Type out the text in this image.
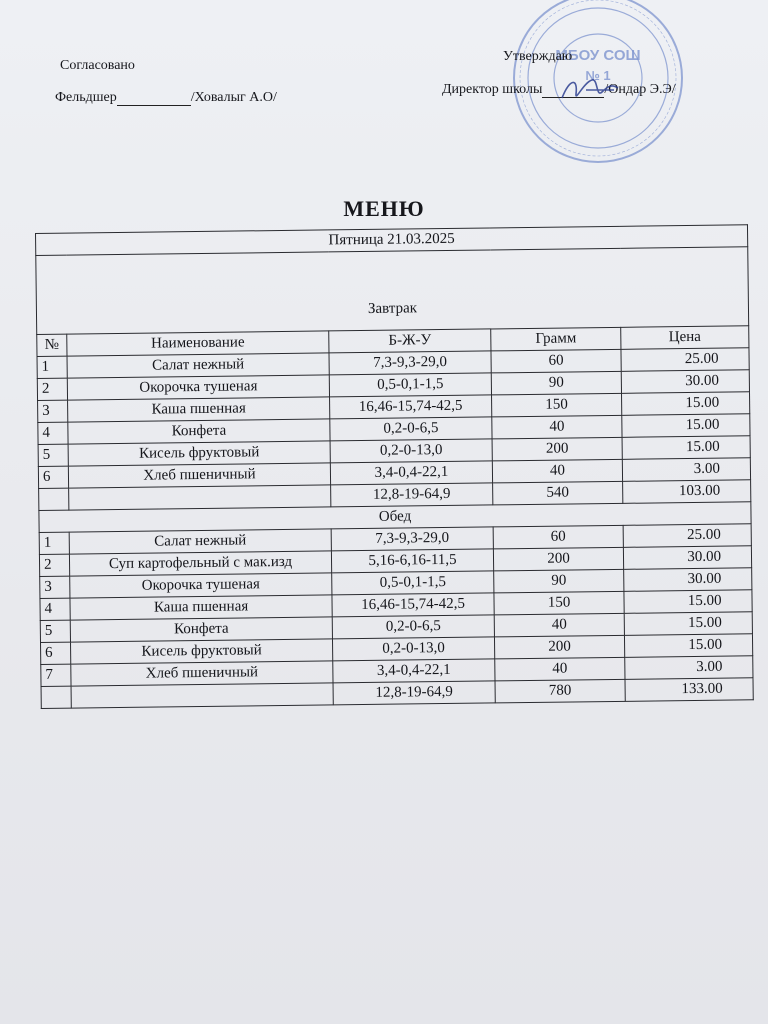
Согласовано
Фельдшер	/Ховалыг А.О/
МБОУ СОШ
№ 1
Утверждаю
Директор школы	/Ондар Э.Э/
МЕНЮ
Пятница 21.03.2025				
Завтрак				
№	Наименование	Б-Ж-У	Грамм	Цена
1	Салат нежный	7,3-9,3-29,0	60	25.00
2	Окорочка тушеная	0,5-0,1-1,5	90	30.00
3	Каша пшенная	16,46-15,74-42,5	150	15.00
4	Конфета	0,2-0-6,5	40	15.00
5	Кисель фруктовый	0,2-0-13,0	200	15.00
6	Хлеб пшеничный	3,4-0,4-22,1	40	3.00
		12,8-19-64,9	540	103.00
Обед				
1	Салат нежный	7,3-9,3-29,0	60	25.00
2	Суп картофельный с мак.изд	5,16-6,16-11,5	200	30.00
3	Окорочка тушеная	0,5-0,1-1,5	90	30.00
4	Каша пшенная	16,46-15,74-42,5	150	15.00
5	Конфета	0,2-0-6,5	40	15.00
6	Кисель фруктовый	0,2-0-13,0	200	15.00
7	Хлеб пшеничный	3,4-0,4-22,1	40	3.00
		12,8-19-64,9	780	133.00
